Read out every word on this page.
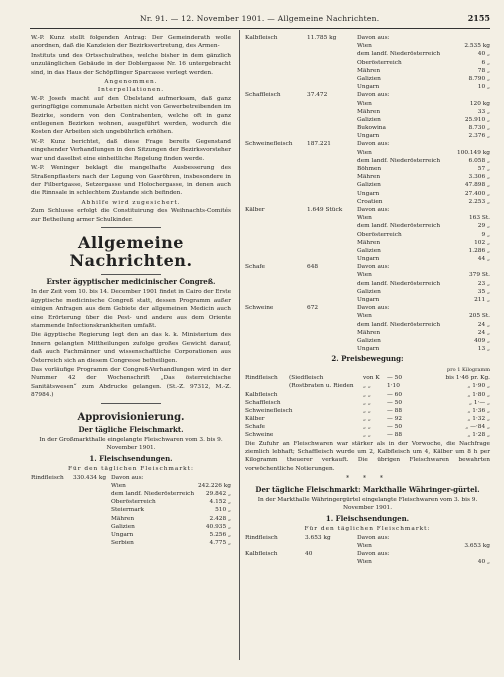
Nr. 91. — 12. November 1901. — Allgemeine Nachrichten.	2155

W.-P. Kunz stellt folgenden Antrag: Der Gemeinderath wolle anordnen, daß die Kanzleien der Bezirksvertretung, des Armen-

Instituts und des Ortsschulrathes, welche bisher in dem gänzlich unzulänglichen Gebäude in der Doblergasse Nr. 16 untergebracht sind, in das Haus der Schöpflinger Sparcasse verlegt werden.

Angenommen.

Interpellationen.

W.-P. Josefs macht auf den Übelstand aufmerksam, daß ganz geringfügige communale Arbeiten nicht von Gewerbetreibenden im Bezirke, sondern von den Contrahenten, welche oft in ganz entlegenen Bezirken wohnen, ausgeführt werden, wodurch die Kosten der Arbeiten sich ungebührlich erhöhen.

W.-P. Kunz berichtet, daß diese Frage bereits Gegenstand eingehender Verhandlungen in den Sitzungen der Bezirksvorsteher war und daselbst eine einheitliche Regelung finden werde.

W.-P. Weninger beklagt die mangelhafte Ausbesserung des Straßenpflasters nach der Legung von Gasröhren, insbesondere in der Filbertgasse, Setzergasse und Holochergasse, in denen auch die Rinnsale in schlechtem Zustande sich befinden.

Abhilfe wird zugesichert.

Zum Schlusse erfolgt die Constituirung des Weihnachts-Comités zur Betheilung armer Schulkinder.

Allgemeine Nachrichten.

Erster ägyptischer medicinischer Congreß.

In der Zeit vom 10. bis 14. December 1901 findet in Cairo der Erste ägyptische medicinische Congreß statt, dessen Programm außer einigen Anfragen aus dem Gebiete der allgemeinen Medicin auch eine Erörterung über die Pest- und andere aus dem Oriente stammende Infectionskrankheiten umfaßt.

Die ägyptische Regierung legt den an das k. k. Ministerium des Innern gelangten Mittheilungen zufolge großes Gewicht darauf, daß auch Fachmänner und wissenschaftliche Corporationen aus Österreich sich an diesem Congresse betheiligen.

Das vorläufige Programm der Congreß-Verhandlungen wird in der Nummer 42 der Wochenschrift „Das österreichische Sanitätswesen“ zum Abdrucke gelangen. (St.-Z. 97312, M.-Z. 87984.)

Approvisionierung.

Der tägliche Fleischmarkt.

In der Großmarkthalle eingelangte Fleischwaren vom 3. bis 9. November 1901.

1. Fleischsendungen.

Für den täglichen Fleischmarkt:

Rindfleisch 330.434 kg Davon aus:
Wien	242.226 kg
dem landf. Niederösterreich 29.842 „
Oberösterreich	4.152 „
Steiermark	510 „
Mähren	2.428 „
Galizien	40.935 „
Ungarn	5.256 „
Serbien	4.775 „
Kalbfleisch	11.785 kg	Davon aus:
Wien	2.535 kg
dem landf. Niederösterreich	40 „
Oberösterreich	6 „
Mähren	78 „
Galizien	8.790 „
Ungarn	10 „
Schaffleisch	37.472	Davon aus:
Wien	120 kg
Mähren	33 „
Galizien	25.910 „
Bukowina	8.730 „
Ungarn	2.376 „
Schweinefleisch	187.221	Davon aus:
Wien	100.149 kg
dem landf. Niederösterreich	6.058 „
Böhmen	57 „
Mähren	3.306 „
Galizien	47.898 „
Ungarn	27.400 „
Croatien	2.253 „
Kälber	1.649 Stück	Davon aus:
Wien	163 St.
dem landf. Niederösterreich	29 „
Oberösterreich	9 „
Mähren	102 „
Galizien	1.286 „
Ungarn	44 „
Schafe	648	Davon aus:
Wien	379 St.
dem landf. Niederösterreich	23 „
Galizien	35 „
Ungarn	211 „
Schweine	672	Davon aus:
Wien	205 St.
dem landf. Niederösterreich	24 „
Mähren	24 „
Galizien	409 „
Ungarn	13 „

2. Preisbewegung:

pro 1 Kilogramm

Rindfleisch (Siedfleisch	von K — 50	bis 1·46 pr. Kg.
(Rostbraten u. Rieden „ „	1·10	„ 1·90 „
Kalbfleisch	„ „	— 60	„ 1·80 „
Schaffleisch	„ „	— 50	„ 1·— „
Schweinefleisch	„ „	— 88	„ 1·36 „
Kälber	„ „	— 92	„ 1·32 „
Schafe	„ „	— 50	„ —·84 „
Schweine	„ „	— 88	„ 1·28 „

Die Zufuhr an Fleischwaren war stärker als in der Vorwoche, die Nachfrage ziemlich lebhaft; Schaffleisch wurde um 2, Kalbfleisch um 4, Kälber um 8 h per Kilogramm theuerer verkauft. Die übrigen Fleischwaren bewahrten vorwöchentliche Notierungen.

* * *

Der tägliche Fleischmarkt: Markthalle Währinger-gürtel.

In der Markthalle Währingergürtel eingelangte Fleischwaren vom 3. bis 9. November 1901.

1. Fleischsendungen.

Für den täglichen Fleischmarkt:

Rindfleisch	3.653 kg	Davon aus:
Wien	3.653 kg
Kalbfleisch	40	Davon aus:
Wien	40 „
